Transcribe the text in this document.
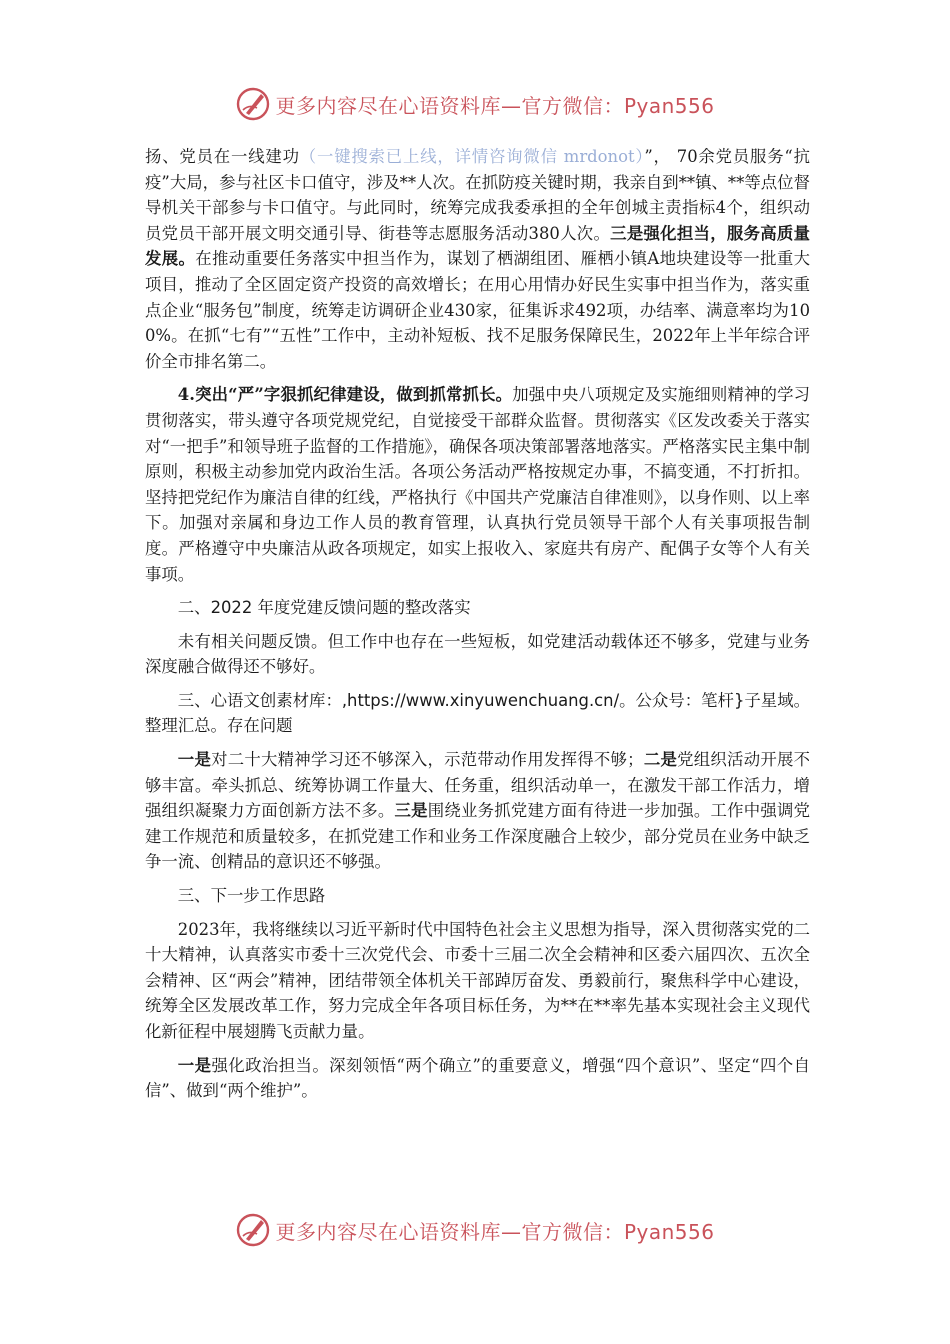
更多内容尽在心语资料库—官方微信：Pyan556

扬、党员在一线建功（一键搜索已上线，详情咨询微信 mrdonot）”， 70余党员服务“抗疫”大局，参与社区卡口值守，涉及**人次。在抓防疫关键时期，我亲自到**镇、**等点位督导机关干部参与卡口值守。与此同时，统筹完成我委承担的全年创城主责指标4个，组织动员党员干部开展文明交通引导、街巷等志愿服务活动380人次。三是强化担当，服务高质量发展。在推动重要任务落实中担当作为，谋划了栖湖组团、雁栖小镇A地块建设等一批重大项目，推动了全区固定资产投资的高效增长；在用心用情办好民生实事中担当作为，落实重点企业“服务包”制度，统筹走访调研企业430家，征集诉求492项，办结率、满意率均为100%。在抓“七有”“五性”工作中，主动补短板、找不足服务保障民生，2022年上半年综合评价全市排名第二。

4.突出“严”字狠抓纪律建设，做到抓常抓长。加强中央八项规定及实施细则精神的学习贯彻落实，带头遵守各项党规党纪，自觉接受干部群众监督。贯彻落实《区发改委关于落实对“一把手”和领导班子监督的工作措施》，确保各项决策部署落地落实。严格落实民主集中制原则，积极主动参加党内政治生活。各项公务活动严格按规定办事，不搞变通，不打折扣。坚持把党纪作为廉洁自律的红线，严格执行《中国共产党廉洁自律准则》，以身作则、以上率下。加强对亲属和身边工作人员的教育管理，认真执行党员领导干部个人有关事项报告制度。严格遵守中央廉洁从政各项规定，如实上报收入、家庭共有房产、配偶子女等个人有关事项。

二、2022 年度党建反馈问题的整改落实

未有相关问题反馈。但工作中也存在一些短板，如党建活动载体还不够多，党建与业务深度融合做得还不够好。

三、心语文创素材库：,https://www.xinyuwenchuang.cn/。公众号：笔杆}子星域。整理汇总。存在问题

一是对二十大精神学习还不够深入，示范带动作用发挥得不够；二是党组织活动开展不够丰富。牵头抓总、统筹协调工作量大、任务重，组织活动单一，在激发干部工作活力，增强组织凝聚力方面创新方法不多。三是围绕业务抓党建方面有待进一步加强。工作中强调党建工作规范和质量较多，在抓党建工作和业务工作深度融合上较少，部分党员在业务中缺乏争一流、创精品的意识还不够强。

三、下一步工作思路

2023年，我将继续以习近平新时代中国特色社会主义思想为指导，深入贯彻落实党的二十大精神，认真落实市委十三次党代会、市委十三届二次全会精神和区委六届四次、五次全会精神、区“两会”精神，团结带领全体机关干部踔厉奋发、勇毅前行，聚焦科学中心建设，统筹全区发展改革工作，努力完成全年各项目标任务，为**在**率先基本实现社会主义现代化新征程中展翅腾飞贡献力量。

一是强化政治担当。深刻领悟“两个确立”的重要意义，增强“四个意识”、坚定“四个自信”、做到“两个维护”。

更多内容尽在心语资料库—官方微信：Pyan556
